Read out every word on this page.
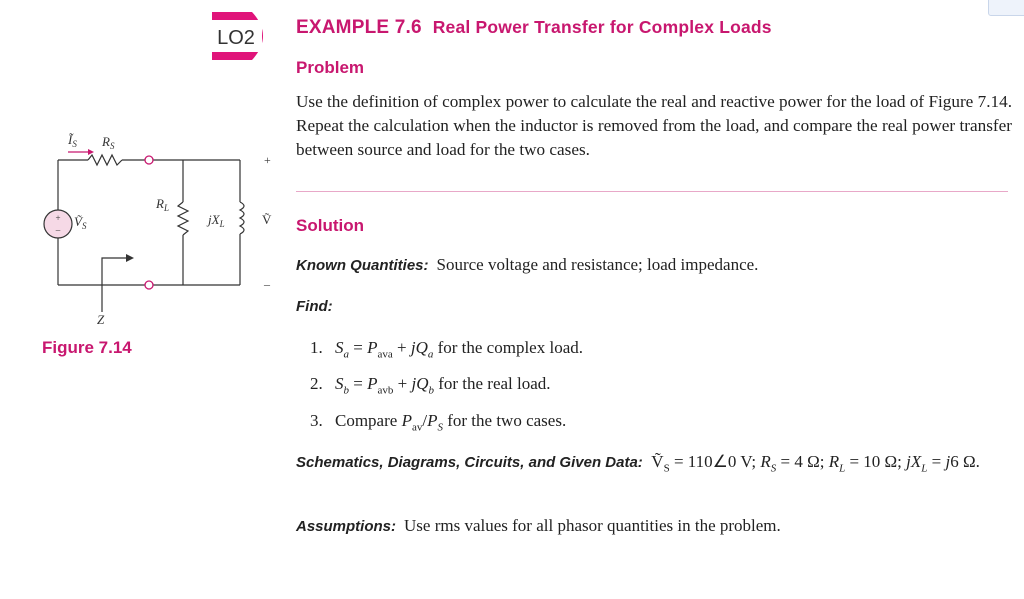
LO2 EXAMPLE 7.6 Real Power Transfer for Complex Loads
Problem
Use the definition of complex power to calculate the real and reactive power for the load of Figure 7.14. Repeat the calculation when the inductor is removed from the load, and compare the real power transfer between source and load for the two cases.
Solution
Known Quantities: Source voltage and resistance; load impedance.
Find:
1. $S_a = P_{ava} + jQ_a$ for the complex load.
2. $S_b = P_{avb} + jQ_b$ for the real load.
3. Compare $P_{av}/P_S$ for the two cases.
Schematics, Diagrams, Circuits, and Given Data: Ṽ$_S$ = 110∠0 V; $R_S = 4$ Ω; $R_L = 10$ Ω; $jX_L = j6$ Ω.
Assumptions: Use rms values for all phasor quantities in the problem.
Figure 7.14
+
–
$Ĩ_S$ $R_S$
$R_L$
$jX_L$
Ṽ$_S$	Ṽ
Z
+
–
